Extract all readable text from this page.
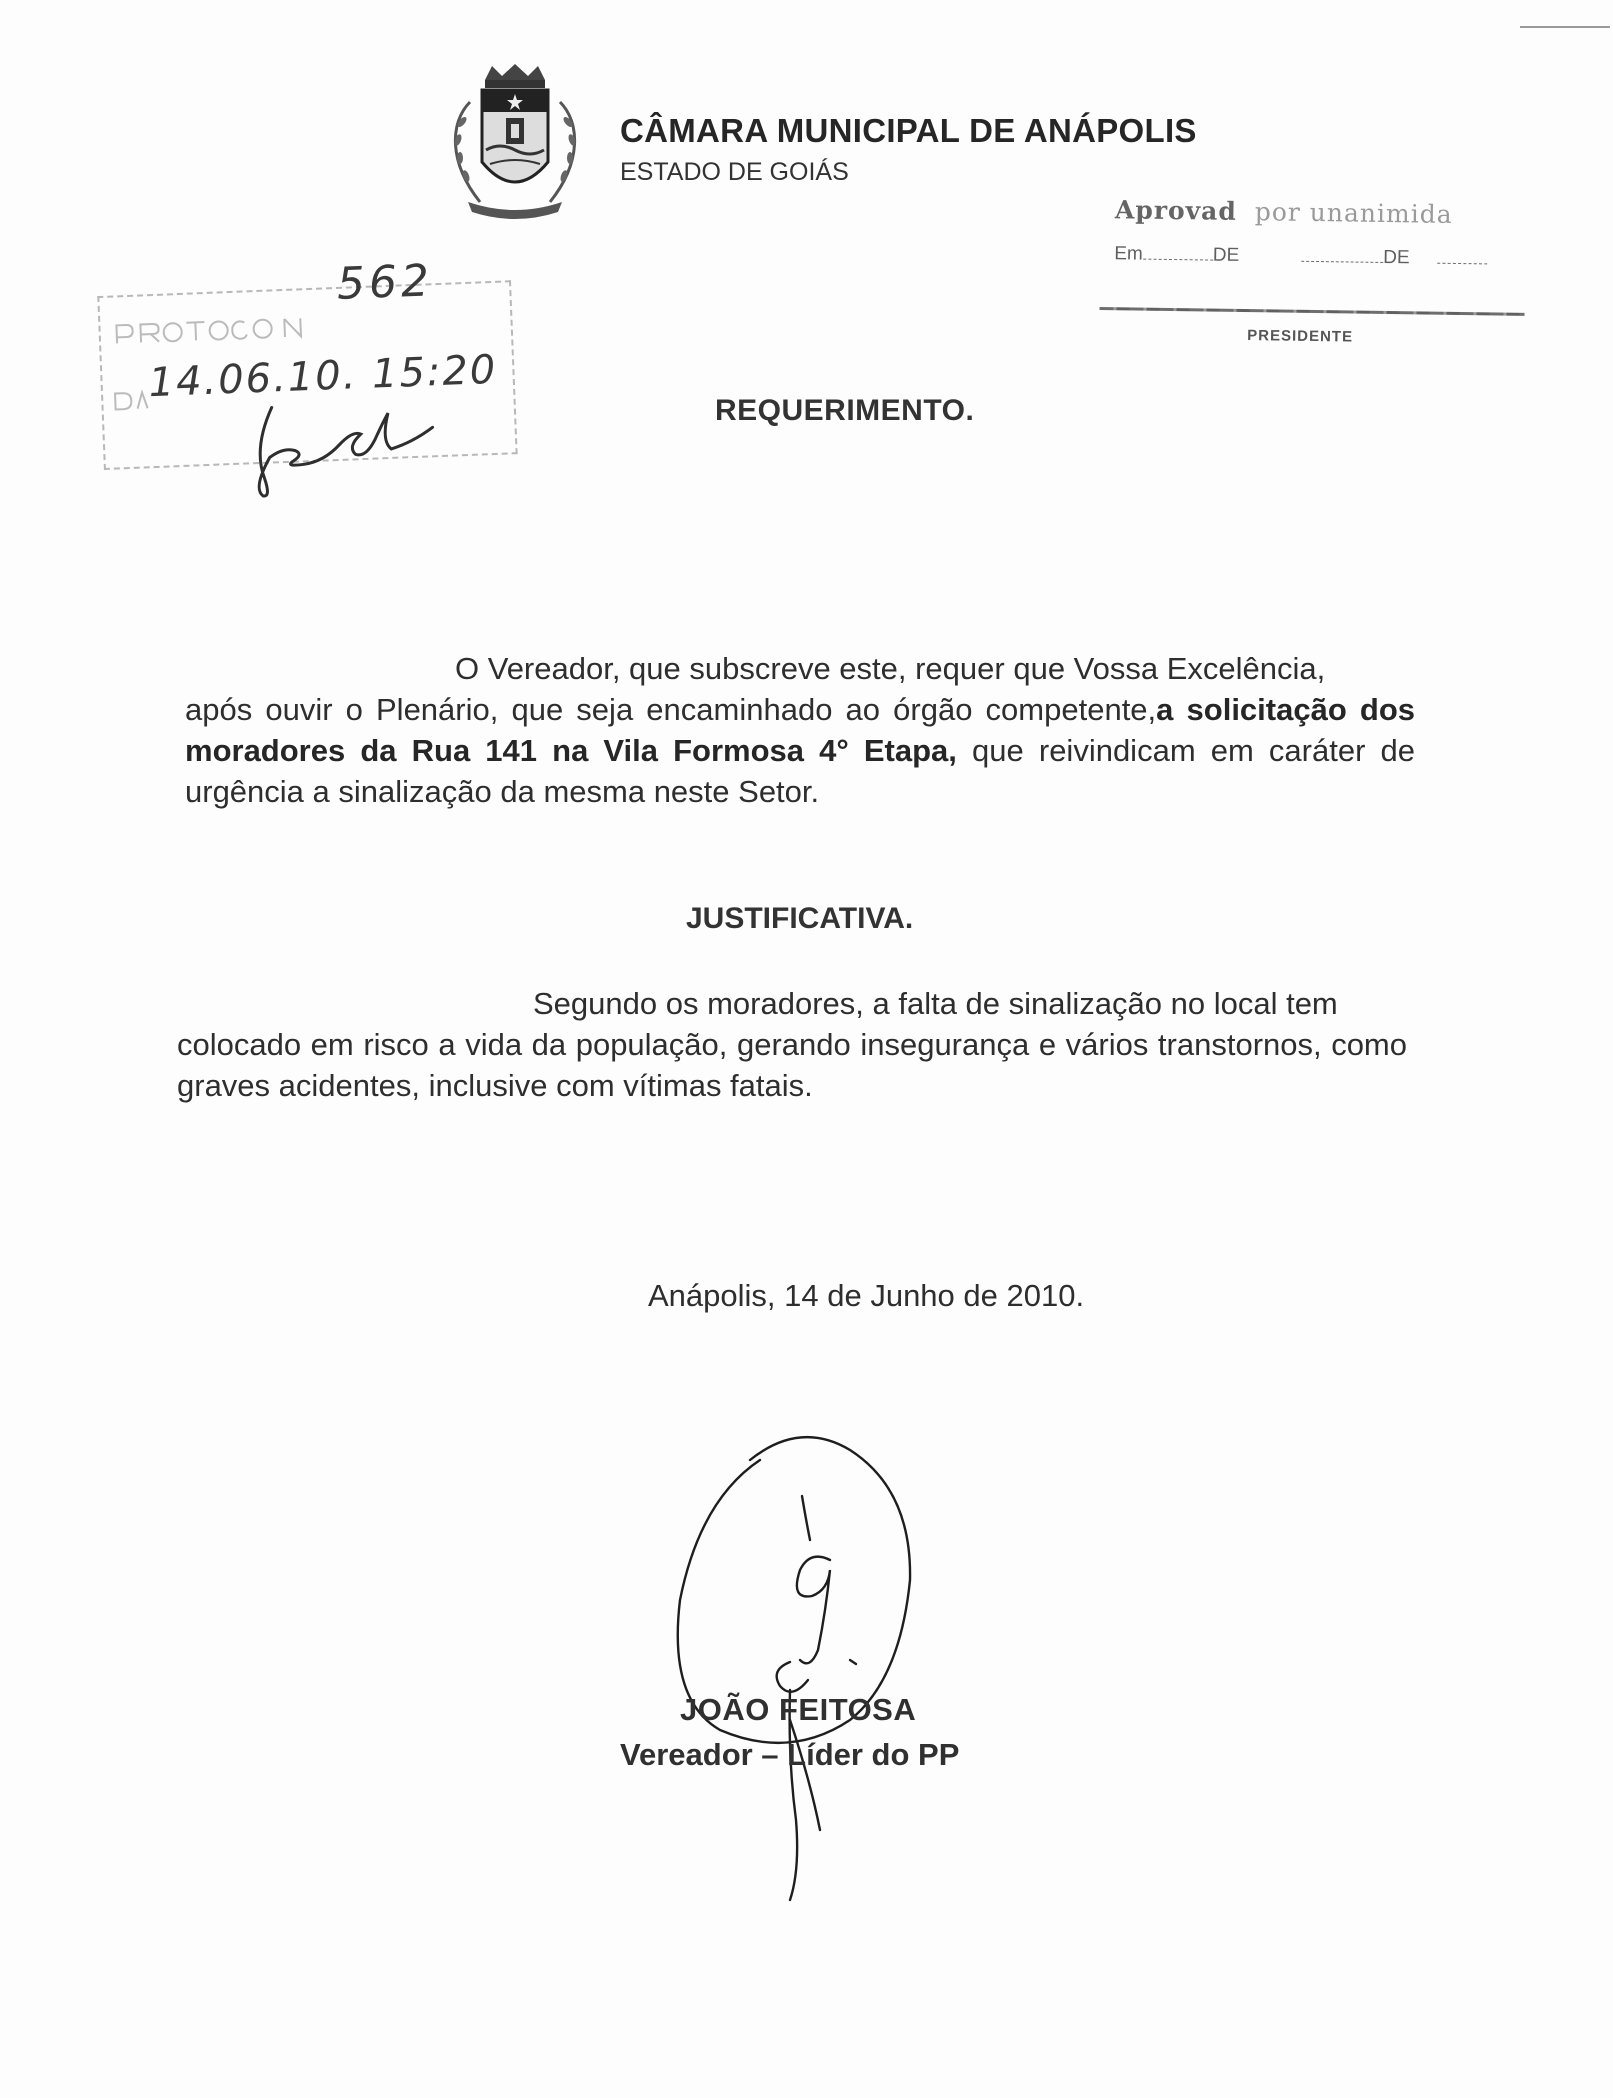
CÂMARA MUNICIPAL DE ANÁPOLIS
ESTADO DE GOIÁS
Aprovad por unanimida
Em	DE	DE
PRESIDENTE
562
14.06.10. 15:20
REQUERIMENTO.
O Vereador, que subscreve este, requer que Vossa Excelência,
após ouvir o Plenário, que seja encaminhado ao órgão competente,a solicitação dos moradores da Rua 141 na Vila Formosa 4° Etapa, que reivindicam em caráter de urgência a sinalização da mesma neste Setor.
JUSTIFICATIVA.
Segundo os moradores, a falta de sinalização no local tem
colocado em risco a vida da população, gerando insegurança e vários transtornos, como graves acidentes, inclusive com vítimas fatais.
Anápolis, 14 de Junho de 2010.
JOÃO FEITOSA
Vereador – Líder do PP
